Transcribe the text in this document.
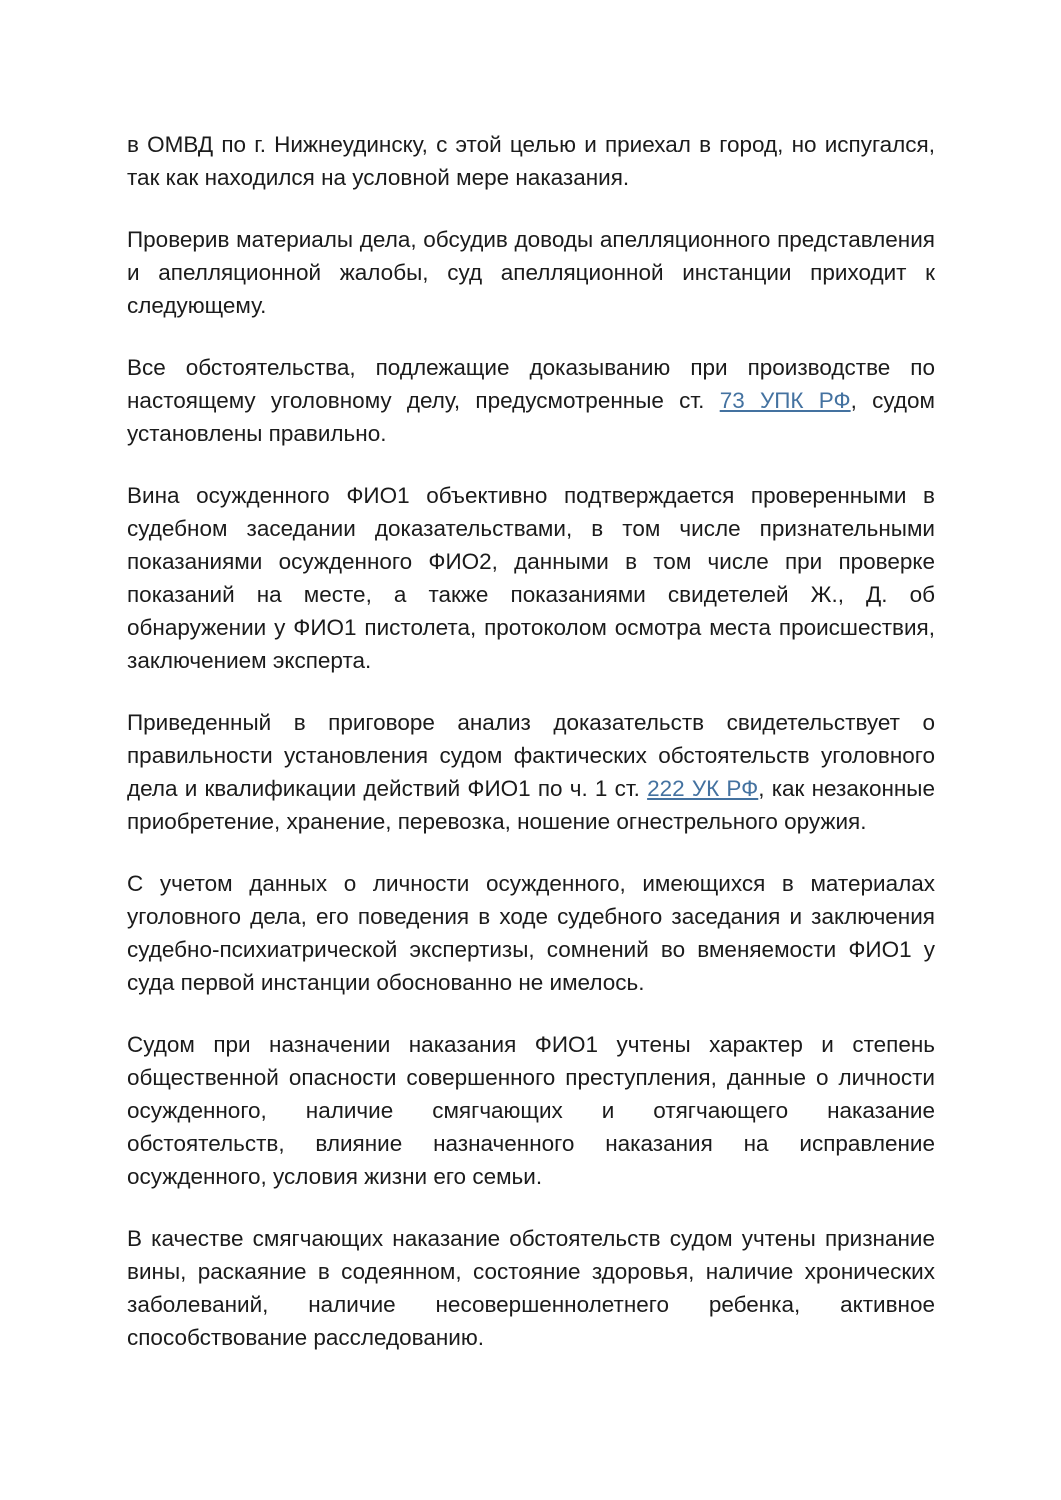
в ОМВД по г. Нижнеудинску, с этой целью и приехал в город, но испугался, так как находился на условной мере наказания.

Проверив материалы дела, обсудив доводы апелляционного представления и апелляционной жалобы, суд апелляционной инстанции приходит к следующему.

Все обстоятельства, подлежащие доказыванию при производстве по настоящему уголовному делу, предусмотренные ст. 73 УПК РФ, судом установлены правильно.

Вина осужденного ФИО1 объективно подтверждается проверенными в судебном заседании доказательствами, в том числе признательными показаниями осужденного ФИО2, данными в том числе при проверке показаний на месте, а также показаниями свидетелей Ж., Д. об обнаружении у ФИО1 пистолета, протоколом осмотра места происшествия, заключением эксперта.

Приведенный в приговоре анализ доказательств свидетельствует о правильности установления судом фактических обстоятельств уголовного дела и квалификации действий ФИО1 по ч. 1 ст. 222 УК РФ, как незаконные приобретение, хранение, перевозка, ношение огнестрельного оружия.

С учетом данных о личности осужденного, имеющихся в материалах уголовного дела, его поведения в ходе судебного заседания и заключения судебно-психиатрической экспертизы, сомнений во вменяемости ФИО1 у суда первой инстанции обоснованно не имелось.

Судом при назначении наказания ФИО1 учтены характер и степень общественной опасности совершенного преступления, данные о личности осужденного, наличие смягчающих и отягчающего наказание обстоятельств, влияние назначенного наказания на исправление осужденного, условия жизни его семьи.

В качестве смягчающих наказание обстоятельств судом учтены признание вины, раскаяние в содеянном, состояние здоровья, наличие хронических заболеваний, наличие несовершеннолетнего ребенка, активное способствование расследованию.
